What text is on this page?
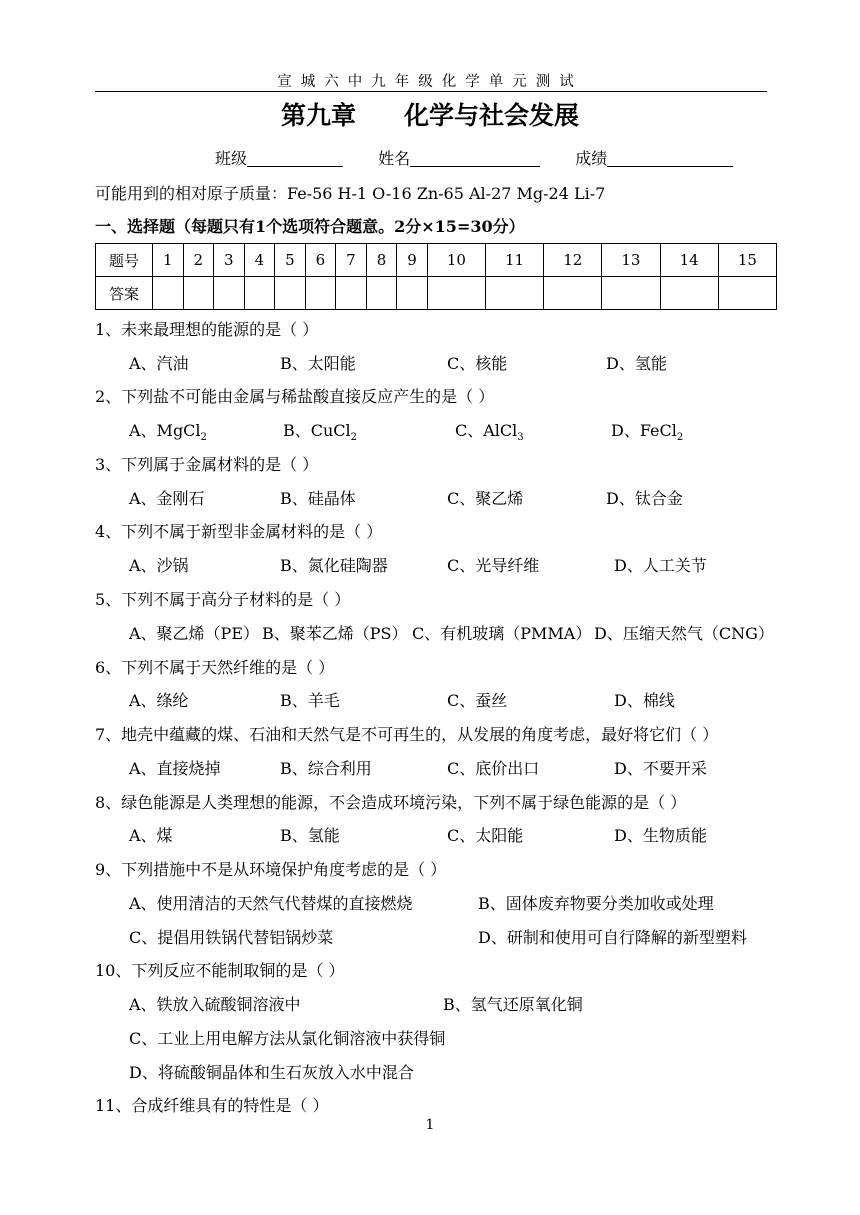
宣城六中九年级化学单元测试
第九章 化学与社会发展
班级	姓名	成绩
可能用到的相对原子质量：Fe-56 H-1 O-16 Zn-65 Al-27 Mg-24 Li-7
一、选择题（每题只有1个选项符合题意。2分×15=30分）
题号	1	2	3	4	5	6	7	8	9	10	11	12	13	14	15
答案															
1、未来最理想的能源的是（ ）
A、汽油	B、太阳能	C、核能	D、氢能
2、下列盐不可能由金属与稀盐酸直接反应产生的是（ ）
A、MgCl$_2$	B、CuCl$_2$	C、AlCl$_3$	D、FeCl$_2$
3、下列属于金属材料的是（ ）
A、金刚石	B、硅晶体	C、聚乙烯	D、钛合金
4、下列不属于新型非金属材料的是（ ）
A、沙锅	B、氮化硅陶器	C、光导纤维	D、人工关节
5、下列不属于高分子材料的是（ ）
A、聚乙烯（PE） B、聚苯乙烯（PS） C、有机玻璃（PMMA） D、压缩天然气（CNG）
6、下列不属于天然纤维的是（ ）
A、绦纶	B、羊毛	C、蚕丝	D、棉线
7、地壳中蕴藏的煤、石油和天然气是不可再生的，从发展的角度考虑，最好将它们（ ）
A、直接烧掉	B、综合利用	C、底价出口	D、不要开采
8、绿色能源是人类理想的能源，不会造成环境污染，下列不属于绿色能源的是（ ）
A、煤	B、氢能	C、太阳能	D、生物质能
9、下列措施中不是从环境保护角度考虑的是（ ）
A、使用清洁的天然气代替煤的直接燃烧	B、固体废弃物要分类加收或处理
C、提倡用铁锅代替铝锅炒菜	D、研制和使用可自行降解的新型塑料
10、下列反应不能制取铜的是（ ）
A、铁放入硫酸铜溶液中	B、氢气还原氧化铜
C、工业上用电解方法从氯化铜溶液中获得铜
D、将硫酸铜晶体和生石灰放入水中混合
11、合成纤维具有的特性是（ ）
1
